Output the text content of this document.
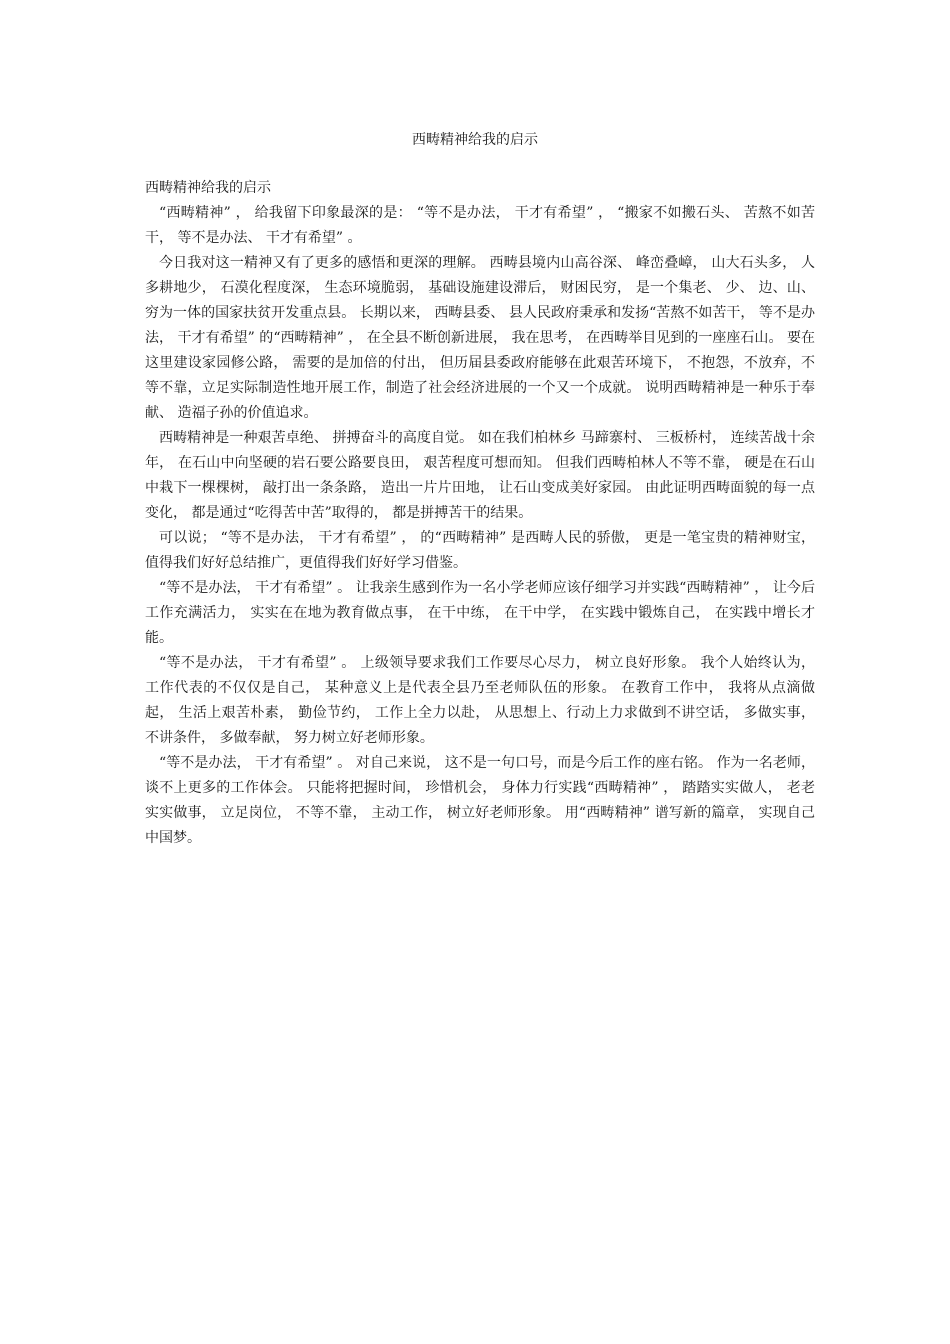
西畴精神给我的启示

西畴精神给我的启示

“西畴精神” ， 给我留下印象最深的是： “等不是办法， 干才有希望” ， “搬家不如搬石头、 苦熬不如苦干， 等不是办法、 干才有希望” 。

今日我对这一精神又有了更多的感悟和更深的理解。 西畴县境内山高谷深、 峰峦叠嶂， 山大石头多， 人多耕地少， 石漠化程度深， 生态环境脆弱， 基础设施建设滞后， 财困民穷， 是一个集老、 少、 边、山、 穷为一体的国家扶贫开发重点县。 长期以来， 西畴县委、 县人民政府秉承和发扬“苦熬不如苦干， 等不是办法， 干才有希望” 的“西畴精神” ， 在全县不断创新进展， 我在思考， 在西畴举目见到的一座座石山。 要在这里建设家园修公路， 需要的是加倍的付出， 但历届县委政府能够在此艰苦环境下， 不抱怨，不放弃，不等不靠，立足实际制造性地开展工作，制造了社会经济进展的一个又一个成就。 说明西畴精神是一种乐于奉献、 造福子孙的价值追求。

西畴精神是一种艰苦卓绝、 拼搏奋斗的高度自觉。 如在我们柏林乡 马蹄寨村、 三板桥村， 连续苦战十余年， 在石山中向坚硬的岩石要公路要良田， 艰苦程度可想而知。 但我们西畴柏林人不等不靠， 硬是在石山中栽下一棵棵树， 敲打出一条条路， 造出一片片田地， 让石山变成美好家园。 由此证明西畴面貌的每一点变化， 都是通过“吃得苦中苦”取得的， 都是拼搏苦干的结果。

可以说； “等不是办法， 干才有希望” ， 的“西畴精神” 是西畴人民的骄傲， 更是一笔宝贵的精神财宝， 值得我们好好总结推广，更值得我们好好学习借鉴。

“等不是办法， 干才有希望” 。 让我亲生感到作为一名小学老师应该仔细学习并实践“西畴精神” ， 让今后工作充满活力， 实实在在地为教育做点事， 在干中练， 在干中学， 在实践中锻炼自己， 在实践中增长才能。

“等不是办法， 干才有希望” 。 上级领导要求我们工作要尽心尽力， 树立良好形象。 我个人始终认为， 工作代表的不仅仅是自己， 某种意义上是代表全县乃至老师队伍的形象。 在教育工作中， 我将从点滴做起， 生活上艰苦朴素， 勤俭节约， 工作上全力以赴， 从思想上、行动上力求做到不讲空话， 多做实事， 不讲条件， 多做奉献， 努力树立好老师形象。

“等不是办法， 干才有希望” 。 对自己来说， 这不是一句口号，而是今后工作的座右铭。 作为一名老师， 谈不上更多的工作体会。 只能将把握时间， 珍惜机会， 身体力行实践“西畴精神” ， 踏踏实实做人， 老老实实做事， 立足岗位， 不等不靠， 主动工作， 树立好老师形象。 用“西畴精神” 谱写新的篇章， 实现自己中国梦。
